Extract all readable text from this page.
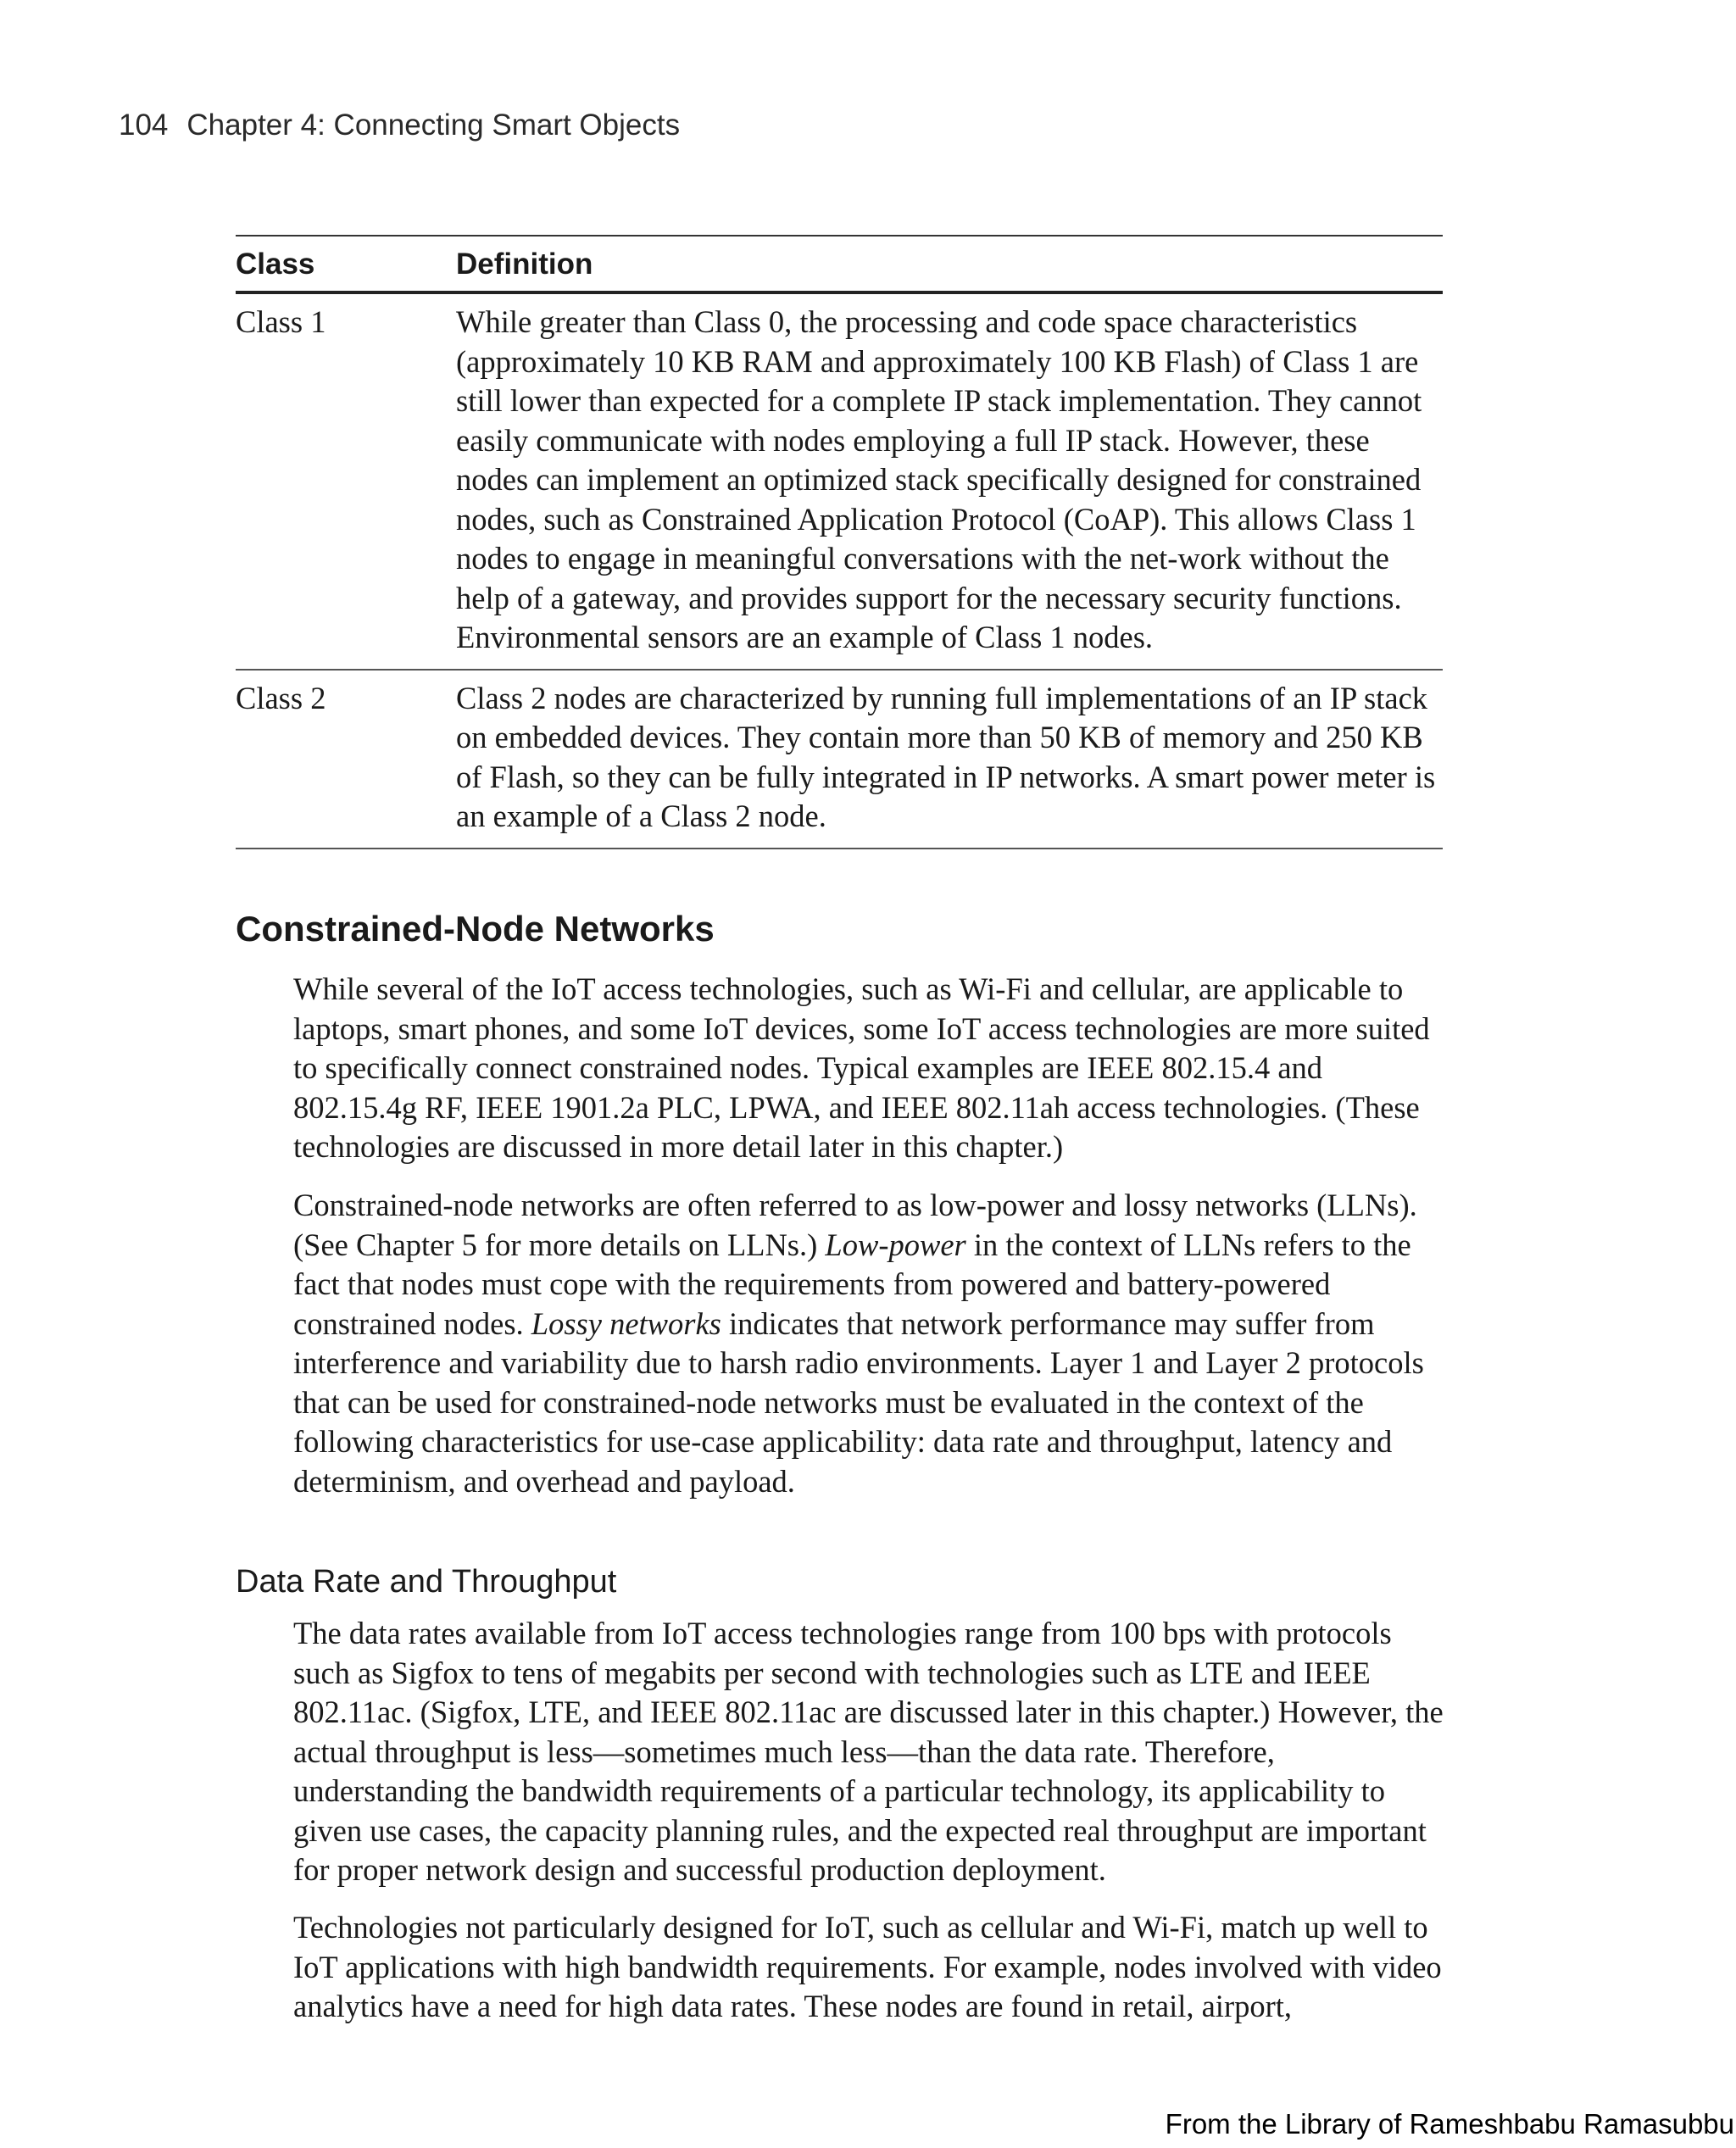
104 Chapter 4: Connecting Smart Objects
Class	Definition
Class 1	While greater than Class 0, the processing and code space characteristics (approximately 10 KB RAM and approximately 100 KB Flash) of Class 1 are still lower than expected for a complete IP stack implementation. They cannot easily communicate with nodes employing a full IP stack. However, these nodes can implement an optimized stack specifically designed for constrained nodes, such as Constrained Application Protocol (CoAP). This allows Class 1 nodes to engage in meaningful conversations with the net-work without the help of a gateway, and provides support for the necessary security functions. Environmental sensors are an example of Class 1 nodes.
Class 2	Class 2 nodes are characterized by running full implementations of an IP stack on embedded devices. They contain more than 50 KB of memory and 250 KB of Flash, so they can be fully integrated in IP networks. A smart power meter is an example of a Class 2 node.
Constrained-Node Networks

While several of the IoT access technologies, such as Wi-Fi and cellular, are applicable to laptops, smart phones, and some IoT devices, some IoT access technologies are more suited to specifically connect constrained nodes. Typical examples are IEEE 802.15.4 and 802.15.4g RF, IEEE 1901.2a PLC, LPWA, and IEEE 802.11ah access technologies. (These technologies are discussed in more detail later in this chapter.)

Constrained-node networks are often referred to as low-power and lossy networks (LLNs). (See Chapter 5 for more details on LLNs.) Low-power in the context of LLNs refers to the fact that nodes must cope with the requirements from powered and battery-powered constrained nodes. Lossy networks indicates that network performance may suffer from interference and variability due to harsh radio environments. Layer 1 and Layer 2 protocols that can be used for constrained-node networks must be evaluated in the context of the following characteristics for use-case applicability: data rate and throughput, latency and determinism, and overhead and payload.

Data Rate and Throughput

The data rates available from IoT access technologies range from 100 bps with protocols such as Sigfox to tens of megabits per second with technologies such as LTE and IEEE 802.11ac. (Sigfox, LTE, and IEEE 802.11ac are discussed later in this chapter.) However, the actual throughput is less—sometimes much less—than the data rate. Therefore, understanding the bandwidth requirements of a particular technology, its applicability to given use cases, the capacity planning rules, and the expected real throughput are important for proper network design and successful production deployment.

Technologies not particularly designed for IoT, such as cellular and Wi-Fi, match up well to IoT applications with high bandwidth requirements. For example, nodes involved with video analytics have a need for high data rates. These nodes are found in retail, airport,

From the Library of Rameshbabu Ramasubbu
